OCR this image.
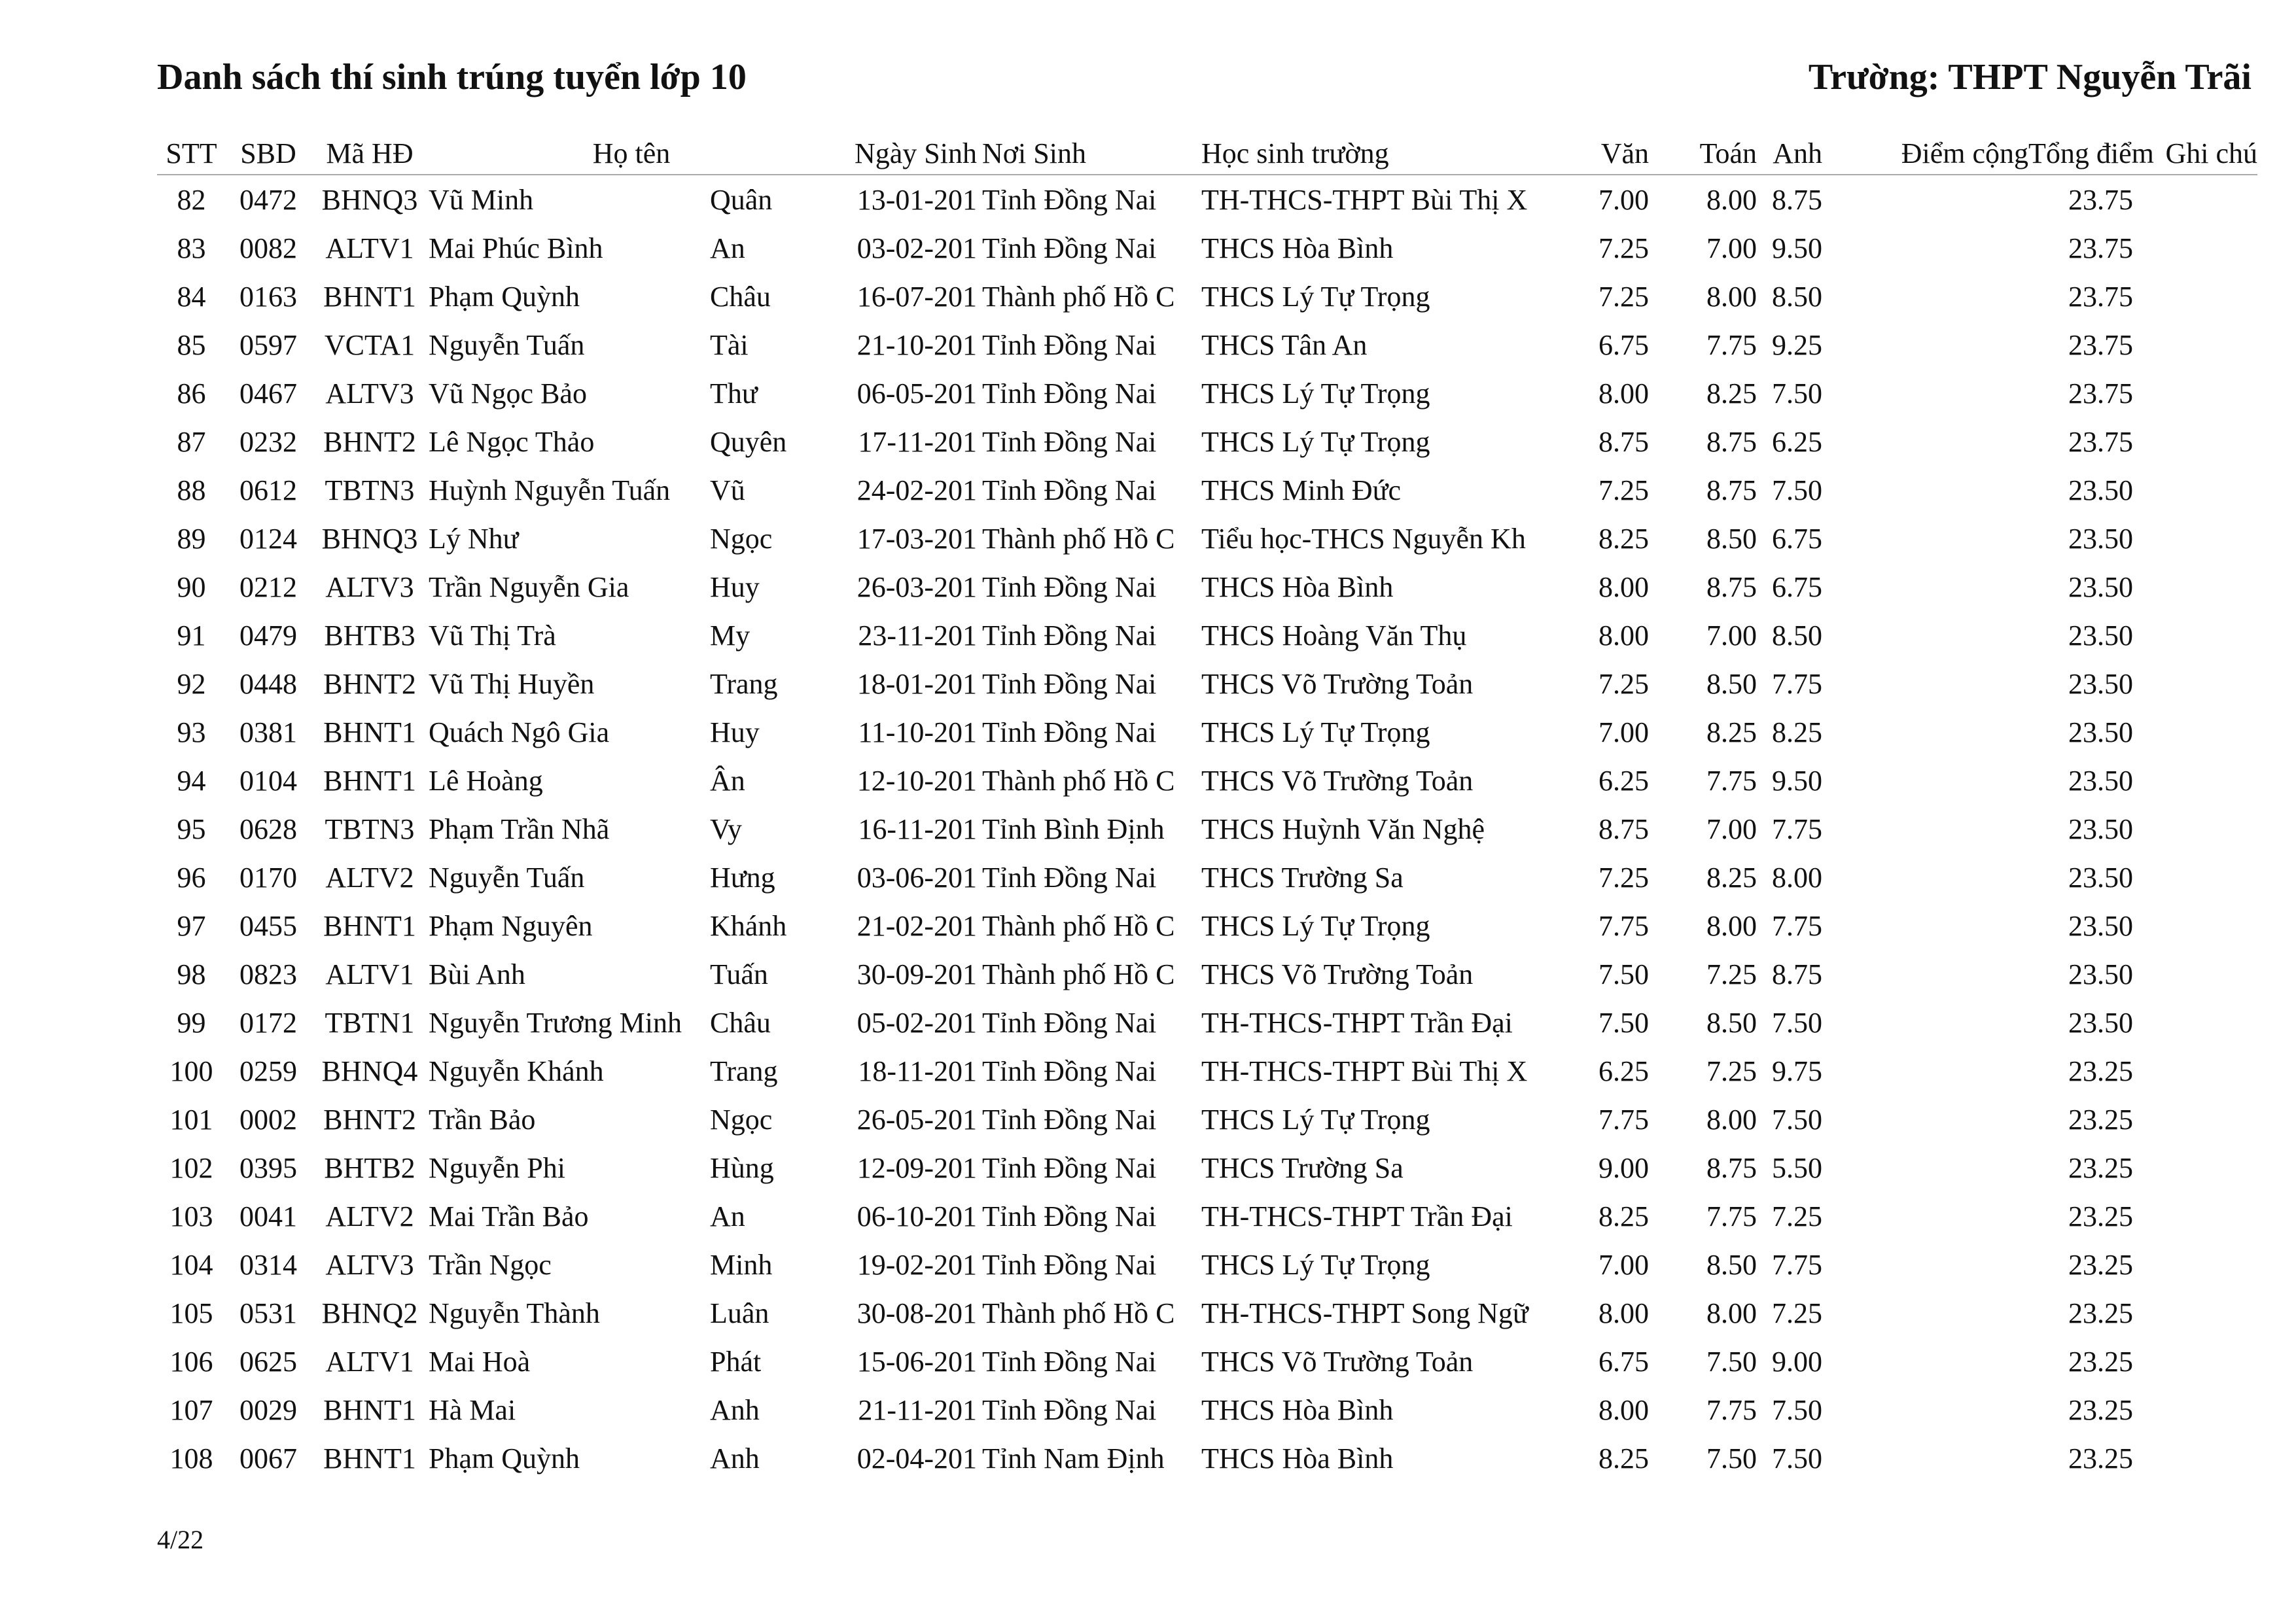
Danh sách thí sinh trúng tuyển lớp 10	Trường: THPT Nguyễn Trãi
STT	SBD	Mã HĐ	Họ tên		Ngày Sinh	Nơi Sinh	Học sinh trường	Văn	Toán	Anh	Điểm cộng	Tổng điểm	Ghi chú
82	0472	BHNQ3	Vũ Minh	Quân	13-01-201	Tỉnh Đồng Nai	TH-THCS-THPT Bùi Thị X	7.00	8.00	8.75		23.75	
83	0082	ALTV1	Mai Phúc Bình	An	03-02-201	Tỉnh Đồng Nai	THCS Hòa Bình	7.25	7.00	9.50		23.75	
84	0163	BHNT1	Phạm Quỳnh	Châu	16-07-201	Thành phố Hồ C	THCS Lý Tự Trọng	7.25	8.00	8.50		23.75	
85	0597	VCTA1	Nguyễn Tuấn	Tài	21-10-201	Tỉnh Đồng Nai	THCS Tân An	6.75	7.75	9.25		23.75	
86	0467	ALTV3	Vũ Ngọc Bảo	Thư	06-05-201	Tỉnh Đồng Nai	THCS Lý Tự Trọng	8.00	8.25	7.50		23.75	
87	0232	BHNT2	Lê Ngọc Thảo	Quyên	17-11-201	Tỉnh Đồng Nai	THCS Lý Tự Trọng	8.75	8.75	6.25		23.75	
88	0612	TBTN3	Huỳnh Nguyễn Tuấn	Vũ	24-02-201	Tỉnh Đồng Nai	THCS Minh Đức	7.25	8.75	7.50		23.50	
89	0124	BHNQ3	Lý Như	Ngọc	17-03-201	Thành phố Hồ C	Tiểu học-THCS Nguyễn Kh	8.25	8.50	6.75		23.50	
90	0212	ALTV3	Trần Nguyễn Gia	Huy	26-03-201	Tỉnh Đồng Nai	THCS Hòa Bình	8.00	8.75	6.75		23.50	
91	0479	BHTB3	Vũ Thị Trà	My	23-11-201	Tỉnh Đồng Nai	THCS Hoàng Văn Thụ	8.00	7.00	8.50		23.50	
92	0448	BHNT2	Vũ Thị Huyền	Trang	18-01-201	Tỉnh Đồng Nai	THCS Võ Trường Toản	7.25	8.50	7.75		23.50	
93	0381	BHNT1	Quách Ngô Gia	Huy	11-10-201	Tỉnh Đồng Nai	THCS Lý Tự Trọng	7.00	8.25	8.25		23.50	
94	0104	BHNT1	Lê Hoàng	Ân	12-10-201	Thành phố Hồ C	THCS Võ Trường Toản	6.25	7.75	9.50		23.50	
95	0628	TBTN3	Phạm Trần Nhã	Vy	16-11-201	Tỉnh Bình Định	THCS Huỳnh Văn Nghệ	8.75	7.00	7.75		23.50	
96	0170	ALTV2	Nguyễn Tuấn	Hưng	03-06-201	Tỉnh Đồng Nai	THCS Trường Sa	7.25	8.25	8.00		23.50	
97	0455	BHNT1	Phạm Nguyên	Khánh	21-02-201	Thành phố Hồ C	THCS Lý Tự Trọng	7.75	8.00	7.75		23.50	
98	0823	ALTV1	Bùi Anh	Tuấn	30-09-201	Thành phố Hồ C	THCS Võ Trường Toản	7.50	7.25	8.75		23.50	
99	0172	TBTN1	Nguyễn Trương Minh	Châu	05-02-201	Tỉnh Đồng Nai	TH-THCS-THPT Trần Đại	7.50	8.50	7.50		23.50	
100	0259	BHNQ4	Nguyễn Khánh	Trang	18-11-201	Tỉnh Đồng Nai	TH-THCS-THPT Bùi Thị X	6.25	7.25	9.75		23.25	
101	0002	BHNT2	Trần Bảo	Ngọc	26-05-201	Tỉnh Đồng Nai	THCS Lý Tự Trọng	7.75	8.00	7.50		23.25	
102	0395	BHTB2	Nguyễn Phi	Hùng	12-09-201	Tỉnh Đồng Nai	THCS Trường Sa	9.00	8.75	5.50		23.25	
103	0041	ALTV2	Mai Trần Bảo	An	06-10-201	Tỉnh Đồng Nai	TH-THCS-THPT Trần Đại	8.25	7.75	7.25		23.25	
104	0314	ALTV3	Trần Ngọc	Minh	19-02-201	Tỉnh Đồng Nai	THCS Lý Tự Trọng	7.00	8.50	7.75		23.25	
105	0531	BHNQ2	Nguyễn Thành	Luân	30-08-201	Thành phố Hồ C	TH-THCS-THPT Song Ngữ	8.00	8.00	7.25		23.25	
106	0625	ALTV1	Mai Hoà	Phát	15-06-201	Tỉnh Đồng Nai	THCS Võ Trường Toản	6.75	7.50	9.00		23.25	
107	0029	BHNT1	Hà Mai	Anh	21-11-201	Tỉnh Đồng Nai	THCS Hòa Bình	8.00	7.75	7.50		23.25	
108	0067	BHNT1	Phạm Quỳnh	Anh	02-04-201	Tỉnh Nam Định	THCS Hòa Bình	8.25	7.50	7.50		23.25	
4/22
